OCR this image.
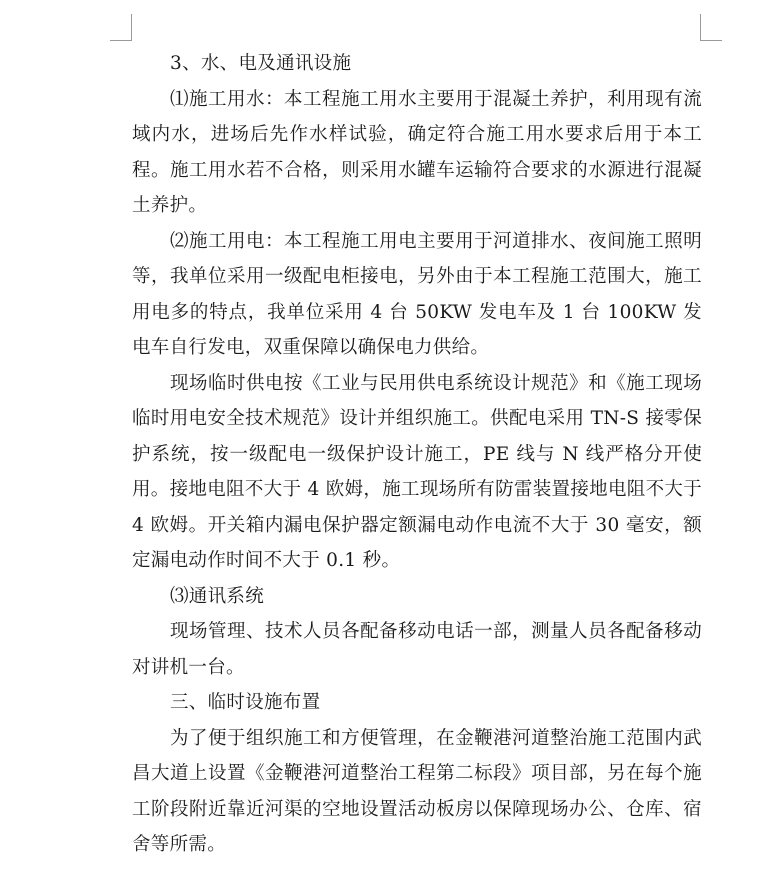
3、水、电及通讯设施

⑴施工用水：本工程施工用水主要用于混凝土养护，利用现有流域内水，进场后先作水样试验，确定符合施工用水要求后用于本工程。施工用水若不合格，则采用水罐车运输符合要求的水源进行混凝土养护。

⑵施工用电：本工程施工用电主要用于河道排水、夜间施工照明等，我单位采用一级配电柜接电，另外由于本工程施工范围大，施工用电多的特点，我单位采用 4 台 50KW 发电车及 1 台 100KW 发电车自行发电，双重保障以确保电力供给。

现场临时供电按《工业与民用供电系统设计规范》和《施工现场临时用电安全技术规范》设计并组织施工。供配电采用 TN-S 接零保护系统，按一级配电一级保护设计施工，PE 线与 N 线严格分开使用。接地电阻不大于 4 欧姆，施工现场所有防雷装置接地电阻不大于 4 欧姆。开关箱内漏电保护器定额漏电动作电流不大于 30 毫安，额定漏电动作时间不大于 0.1 秒。

⑶通讯系统

现场管理、技术人员各配备移动电话一部，测量人员各配备移动对讲机一台。

三、临时设施布置

为了便于组织施工和方便管理，在金鞭港河道整治施工范围内武昌大道上设置《金鞭港河道整治工程第二标段》项目部，另在每个施工阶段附近靠近河渠的空地设置活动板房以保障现场办公、仓库、宿舍等所需。
